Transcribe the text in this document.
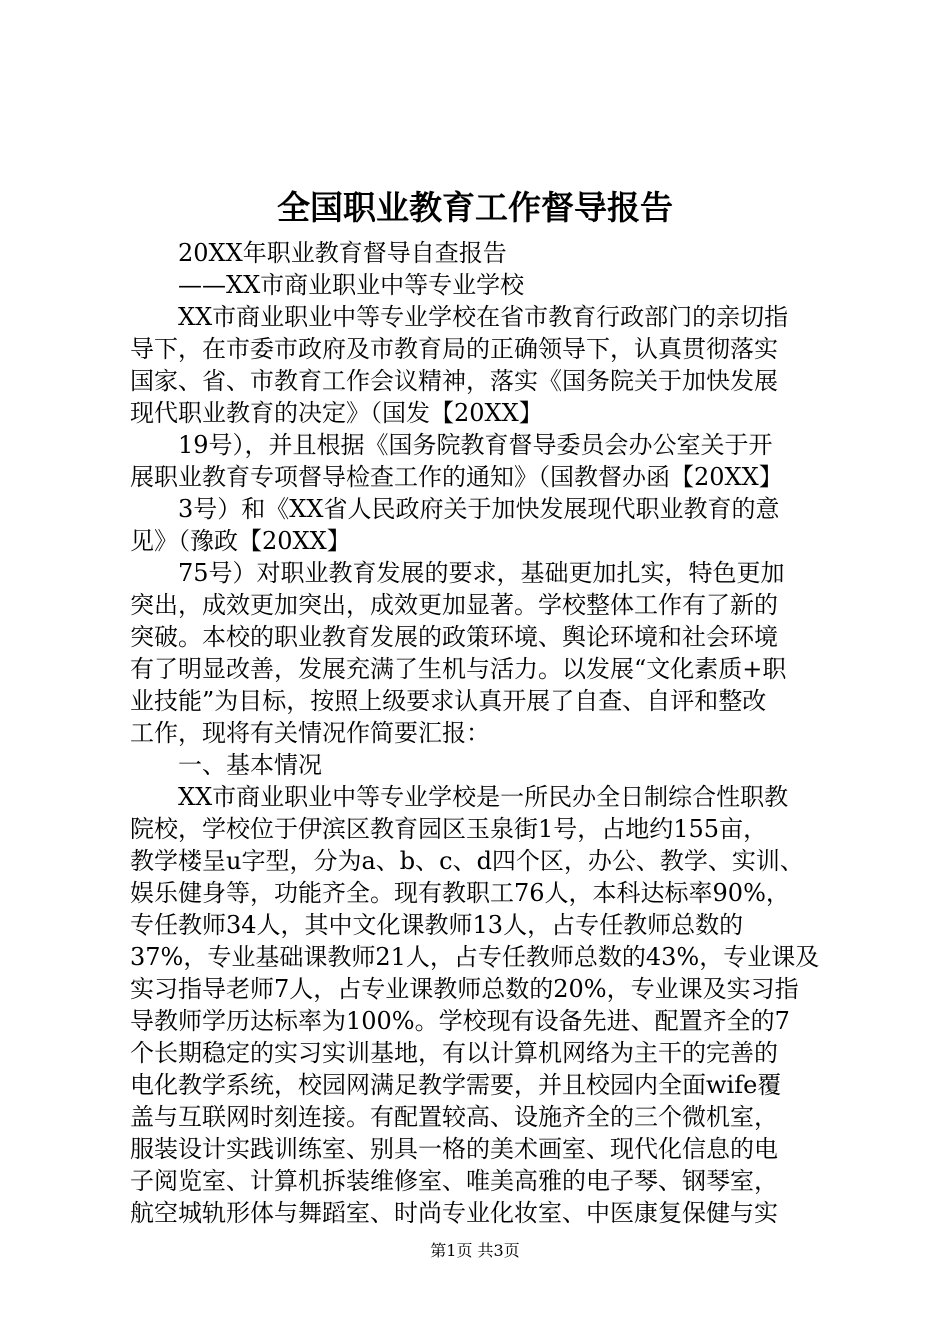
全国职业教育工作督导报告
20XX年职业教育督导自查报告
——XX市商业职业中等专业学校
XX市商业职业中等专业学校在省市教育行政部门的亲切指
导下，在市委市政府及市教育局的正确领导下，认真贯彻落实
国家、省、市教育工作会议精神，落实《国务院关于加快发展
现代职业教育的决定》（国发【20XX】
19号），并且根据《国务院教育督导委员会办公室关于开
展职业教育专项督导检查工作的通知》（国教督办函【20XX】
3号）和《XX省人民政府关于加快发展现代职业教育的意
见》（豫政【20XX】
75号）对职业教育发展的要求，基础更加扎实，特色更加
突出，成效更加突出，成效更加显著。学校整体工作有了新的
突破。本校的职业教育发展的政策环境、舆论环境和社会环境
有了明显改善，发展充满了生机与活力。以发展“文化素质+职
业技能”为目标，按照上级要求认真开展了自查、自评和整改
工作，现将有关情况作简要汇报：
一、基本情况
XX市商业职业中等专业学校是一所民办全日制综合性职教
院校，学校位于伊滨区教育园区玉泉街1号，占地约155亩，
教学楼呈u字型，分为a、b、c、d四个区，办公、教学、实训、
娱乐健身等，功能齐全。现有教职工76人，本科达标率90%，
专任教师34人，其中文化课教师13人，占专任教师总数的
37%，专业基础课教师21人，占专任教师总数的43%，专业课及
实习指导老师7人，占专业课教师总数的20%，专业课及实习指
导教师学历达标率为100%。学校现有设备先进、配置齐全的7
个长期稳定的实习实训基地，有以计算机网络为主干的完善的
电化教学系统，校园网满足教学需要，并且校园内全面wife覆
盖与互联网时刻连接。有配置较高、设施齐全的三个微机室，
服装设计实践训练室、别具一格的美术画室、现代化信息的电
子阅览室、计算机拆装维修室、唯美高雅的电子琴、钢琴室，
航空城轨形体与舞蹈室、时尚专业化妆室、中医康复保健与实
第1页 共3页
